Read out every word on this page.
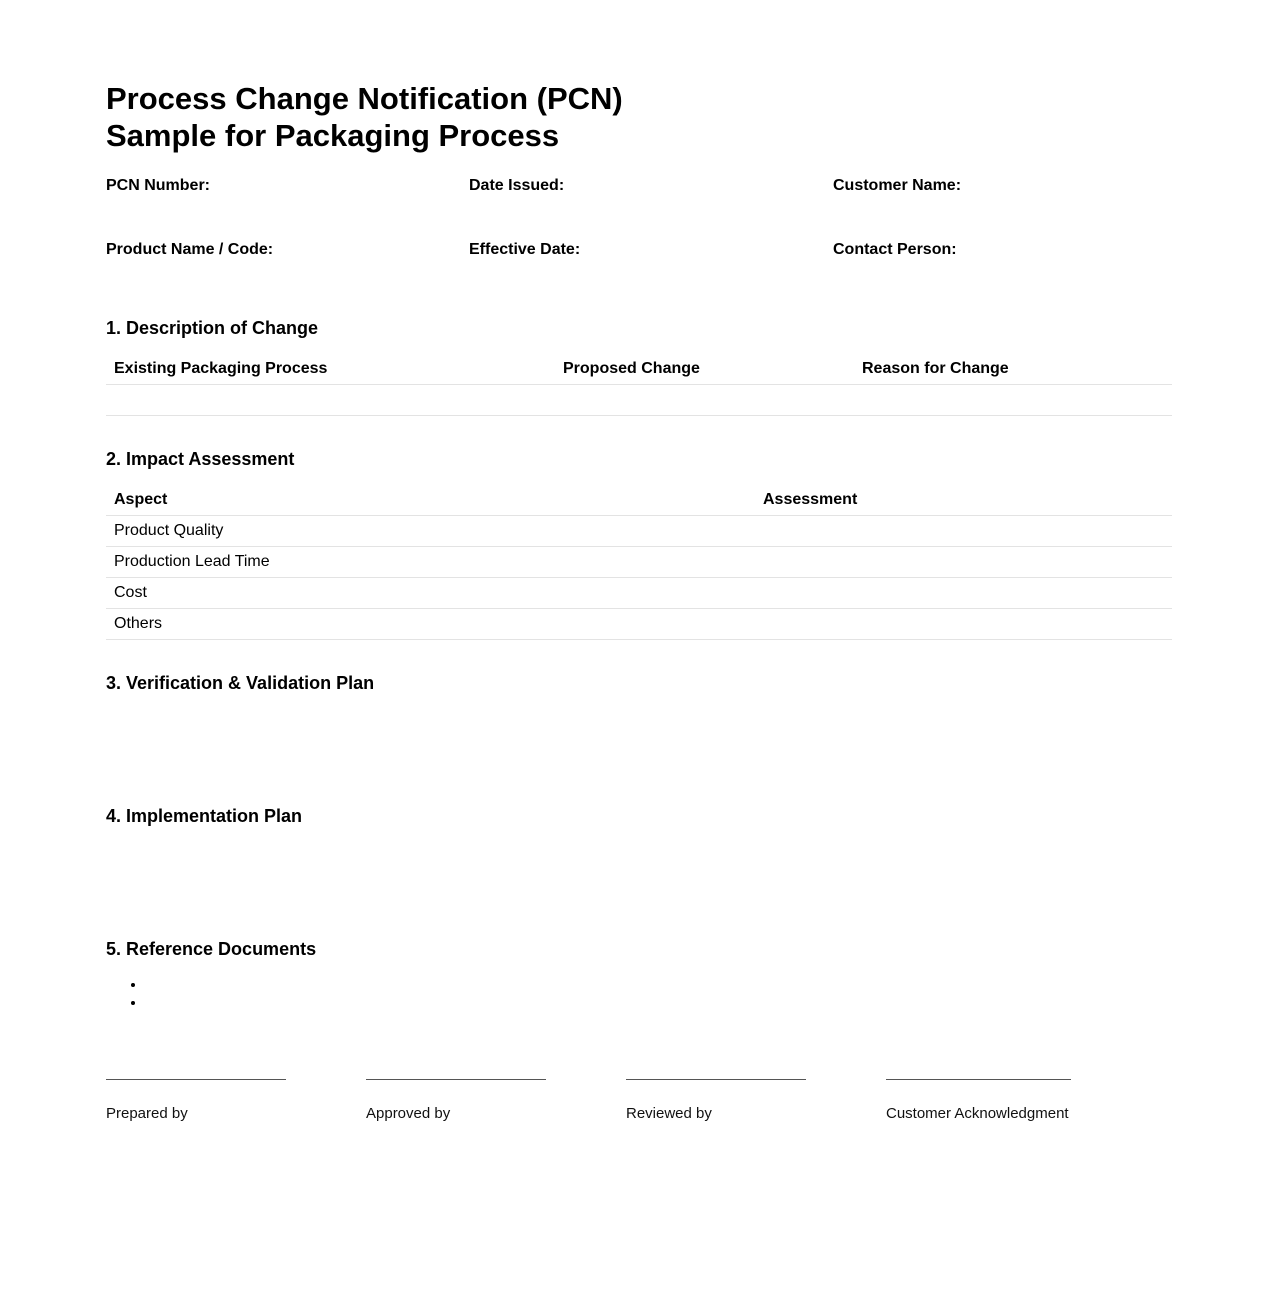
Process Change Notification (PCN)
Sample for Packaging Process
PCN Number:	Date Issued:	Customer Name:
Product Name / Code:	Effective Date:	Contact Person:
1. Description of Change
Existing Packaging Process	Proposed Change	Reason for Change

2. Impact Assessment
Aspect	Assessment
Product Quality	
Production Lead Time	
Cost	
Others	
3. Verification & Validation Plan
4. Implementation Plan
5. Reference Documents
Prepared by	Approved by	Reviewed by	Customer Acknowledgment
